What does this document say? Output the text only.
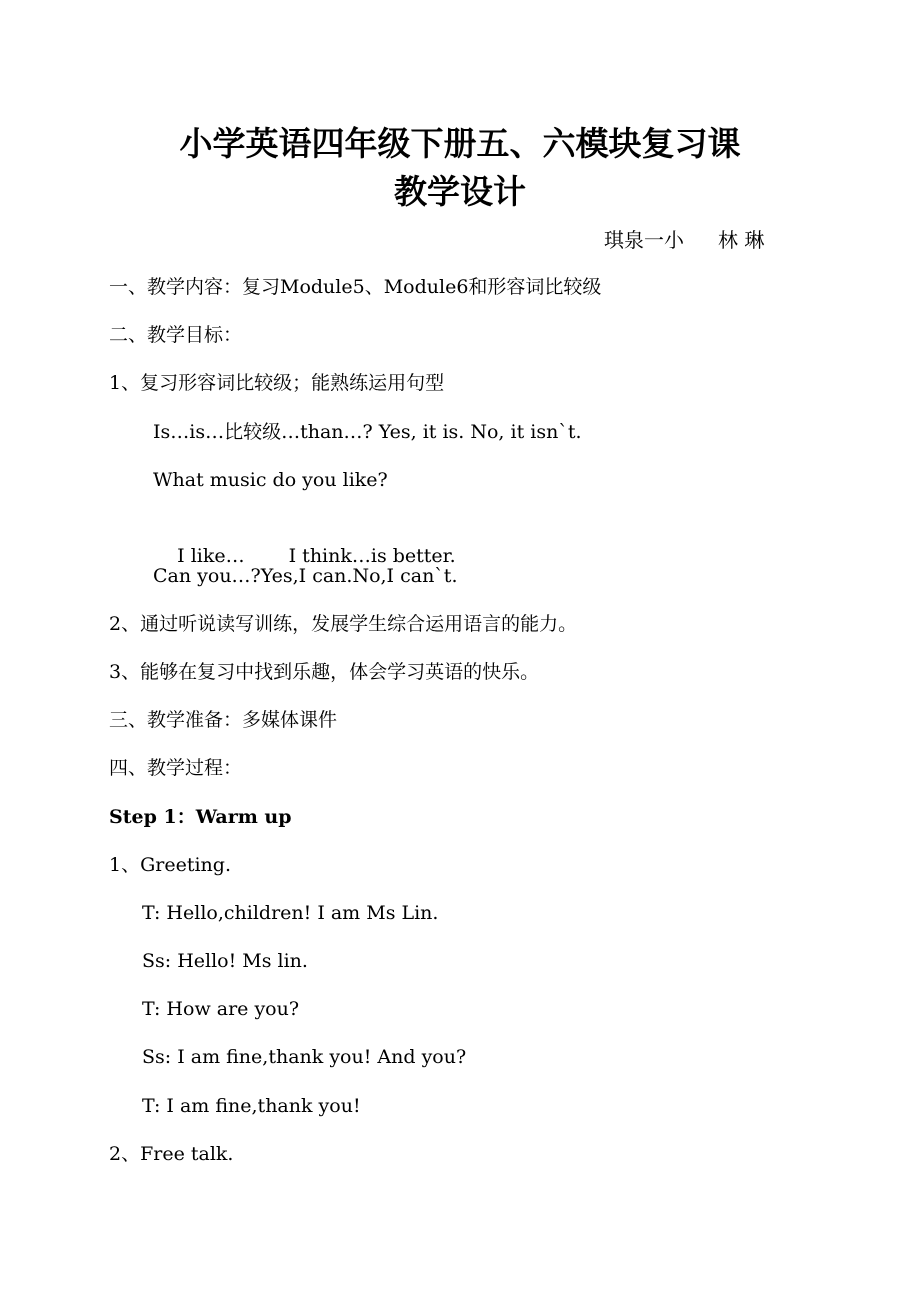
小学英语四年级下册五、六模块复习课
教学设计
琪泉一小 林 琳
一、教学内容：复习Module5、Module6和形容词比较级
二、教学目标：
1、复习形容词比较级；能熟练运用句型
Is…is…比较级…than…? Yes, it is. No, it isn`t.
What music do you like?

I like… I think…is better.

Can you…?Yes,I can.No,I can`t.
2、通过听说读写训练，发展学生综合运用语言的能力。
3、能够在复习中找到乐趣，体会学习英语的快乐。
三、教学准备：多媒体课件
四、教学过程：
Step 1：Warm up
1、Greeting.
T: Hello,children! I am Ms Lin.
Ss: Hello! Ms lin.
T: How are you?
Ss: I am fine,thank you! And you?
T: I am fine,thank you!
2、Free talk.
